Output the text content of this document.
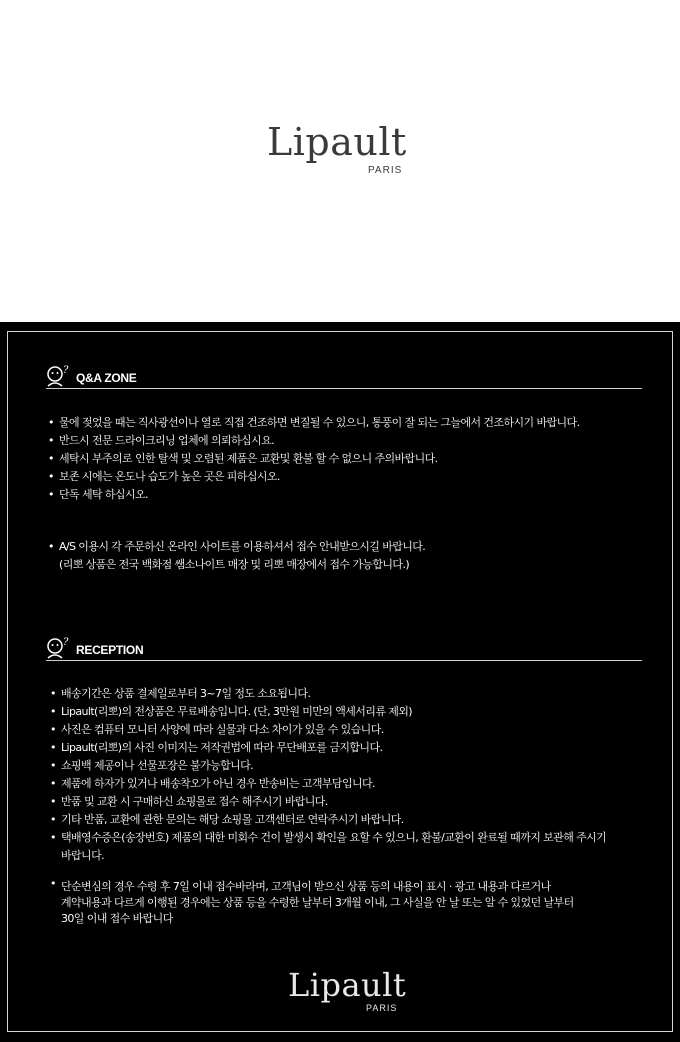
Lipault
PARIS
?
Q&A ZONE
• 물에 젖었을 때는 직사광선이나 열로 직접 건조하면 변질될 수 있으니, 통풍이 잘 되는 그늘에서 건조하시기 바랍니다.
• 반드시 전문 드라이크리닝 업체에 의뢰하십시요.
• 세탁시 부주의로 인한 탈색 및 오렴된 제품은 교환및 환불 할 수 없으니 주의바랍니다.
• 보존 시에는 온도나 습도가 높은 곳은 피하십시오.
• 단독 세탁 하십시오.
• A/S 이용시 각 주문하신 온라인 사이트를 이용하셔서 접수 안내받으시길 바랍니다.
(리뽀 상품은 전국 백화점 쌤소나이트 매장 및 리뽀 매장에서 접수 가능합니다.)
?
RECEPTION
• 배송기간은 상품 결제일로부터 3~7일 정도 소요됩니다.
• Lipault(리뽀)의 전상품은 무료배송입니다. (단, 3만원 미만의 액세서리류 제외)
• 사진은 컴퓨터 모니터 사양에 따라 실물과 다소 차이가 있을 수 있습니다.
• Lipault(리뽀)의 사진 이미지는 저작권법에 따라 무단배포를 금지합니다.
• 쇼핑백 제공이나 선물포장은 불가능합니다.
• 제품에 하자가 있거나 배송착오가 아닌 경우 반송비는 고객부담입니다.
• 반품 및 교환 시 구매하신 쇼핑몰로 접수 해주시기 바랍니다.
• 기타 반품, 교환에 관한 문의는 해당 쇼핑몰 고객센터로 연락주시기 바랍니다.
• 택배영수증은(송장번호) 제품의 대한 미회수 건이 발생시 확인을 요할 수 있으니, 환불/교환이 완료될 때까지 보관해 주시기
바랍니다.
• 단순변심의 경우 수령 후 7일 이내 접수바라며, 고객님이 받으신 상품 등의 내용이 표시 · 광고 내용과 다르거나
계약내용과 다르게 이행된 경우에는 상품 등을 수령한 날부터 3개월 이내, 그 사실을 안 날 또는 알 수 있었던 날부터
30일 이내 접수 바랍니다
Lipault
PARIS
